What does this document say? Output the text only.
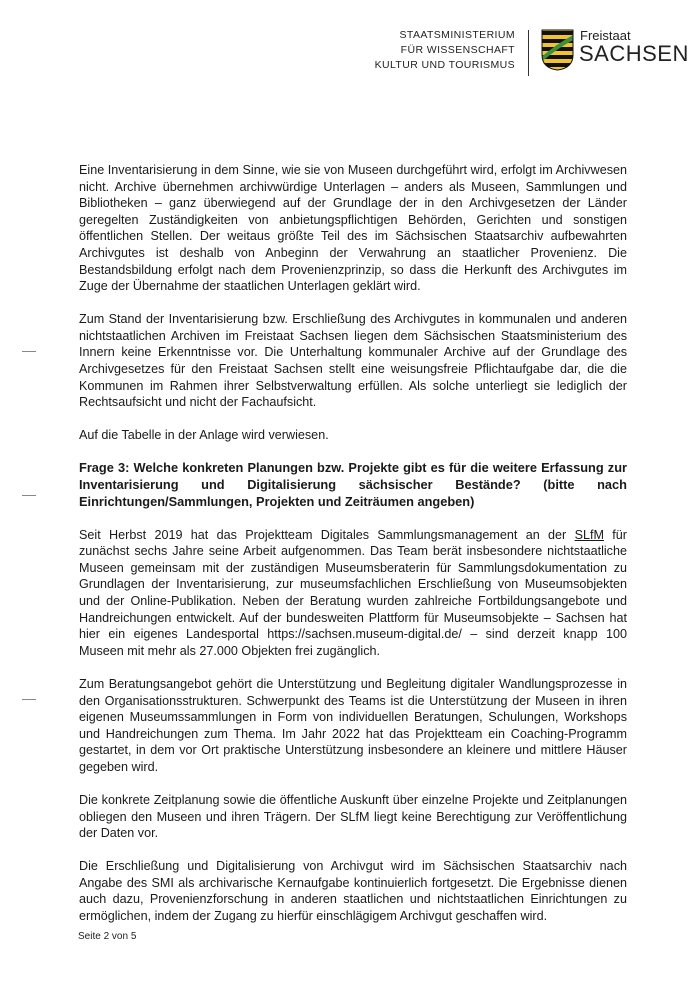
STAATSMINISTERIUM
FÜR WISSENSCHAFT
KULTUR UND TOURISMUS
Freistaat
SACHSEN

Eine Inventarisierung in dem Sinne, wie sie von Museen durchgeführt wird, erfolgt im Archivwesen nicht. Archive übernehmen archivwürdige Unterlagen – anders als Museen, Sammlungen und Bibliotheken – ganz überwiegend auf der Grundlage der in den Archivgesetzen der Länder geregelten Zuständigkeiten von anbietungspflichtigen Behörden, Gerichten und sonstigen öffentlichen Stellen. Der weitaus größte Teil des im Sächsischen Staatsarchiv aufbewahrten Archivgutes ist deshalb von Anbeginn der Verwahrung an staatlicher Provenienz. Die Bestandsbildung erfolgt nach dem Provenienzprinzip, so dass die Herkunft des Archivgutes im Zuge der Übernahme der staatlichen Unterlagen geklärt wird.

Zum Stand der Inventarisierung bzw. Erschließung des Archivgutes in kommunalen und anderen nichtstaatlichen Archiven im Freistaat Sachsen liegen dem Sächsischen Staatsministerium des Innern keine Erkenntnisse vor. Die Unterhaltung kommunaler Archive auf der Grundlage des Archivgesetzes für den Freistaat Sachsen stellt eine weisungsfreie Pflichtaufgabe dar, die die Kommunen im Rahmen ihrer Selbstverwaltung erfüllen. Als solche unterliegt sie lediglich der Rechtsaufsicht und nicht der Fachaufsicht.

Auf die Tabelle in der Anlage wird verwiesen.

Frage 3: Welche konkreten Planungen bzw. Projekte gibt es für die weitere Erfassung zur Inventarisierung und Digitalisierung sächsischer Bestände? (bitte nach Einrichtungen/Sammlungen, Projekten und Zeiträumen angeben)

Seit Herbst 2019 hat das Projektteam Digitales Sammlungsmanagement an der SLfM für zunächst sechs Jahre seine Arbeit aufgenommen. Das Team berät insbesondere nichtstaatliche Museen gemeinsam mit der zuständigen Museumsberaterin für Sammlungsdokumentation zu Grundlagen der Inventarisierung, zur museumsfachlichen Erschließung von Museumsobjekten und der Online-Publikation. Neben der Beratung wurden zahlreiche Fortbildungsangebote und Handreichungen entwickelt. Auf der bundesweiten Plattform für Museumsobjekte – Sachsen hat hier ein eigenes Landesportal https://sachsen.museum-digital.de/ – sind derzeit knapp 100 Museen mit mehr als 27.000 Objekten frei zugänglich.

Zum Beratungsangebot gehört die Unterstützung und Begleitung digitaler Wandlungsprozesse in den Organisationsstrukturen. Schwerpunkt des Teams ist die Unterstützung der Museen in ihren eigenen Museumssammlungen in Form von individuellen Beratungen, Schulungen, Workshops und Handreichungen zum Thema. Im Jahr 2022 hat das Projektteam ein Coaching-Programm gestartet, in dem vor Ort praktische Unterstützung insbesondere an kleinere und mittlere Häuser gegeben wird.

Die konkrete Zeitplanung sowie die öffentliche Auskunft über einzelne Projekte und Zeitplanungen obliegen den Museen und ihren Trägern. Der SLfM liegt keine Berechtigung zur Veröffentlichung der Daten vor.

Die Erschließung und Digitalisierung von Archivgut wird im Sächsischen Staatsarchiv nach Angabe des SMI als archivarische Kernaufgabe kontinuierlich fortgesetzt. Die Ergebnisse dienen auch dazu, Provenienzforschung in anderen staatlichen und nichtstaatlichen Einrichtungen zu ermöglichen, indem der Zugang zu hierfür einschlägigem Archivgut geschaffen wird.

Seite 2 von 5
